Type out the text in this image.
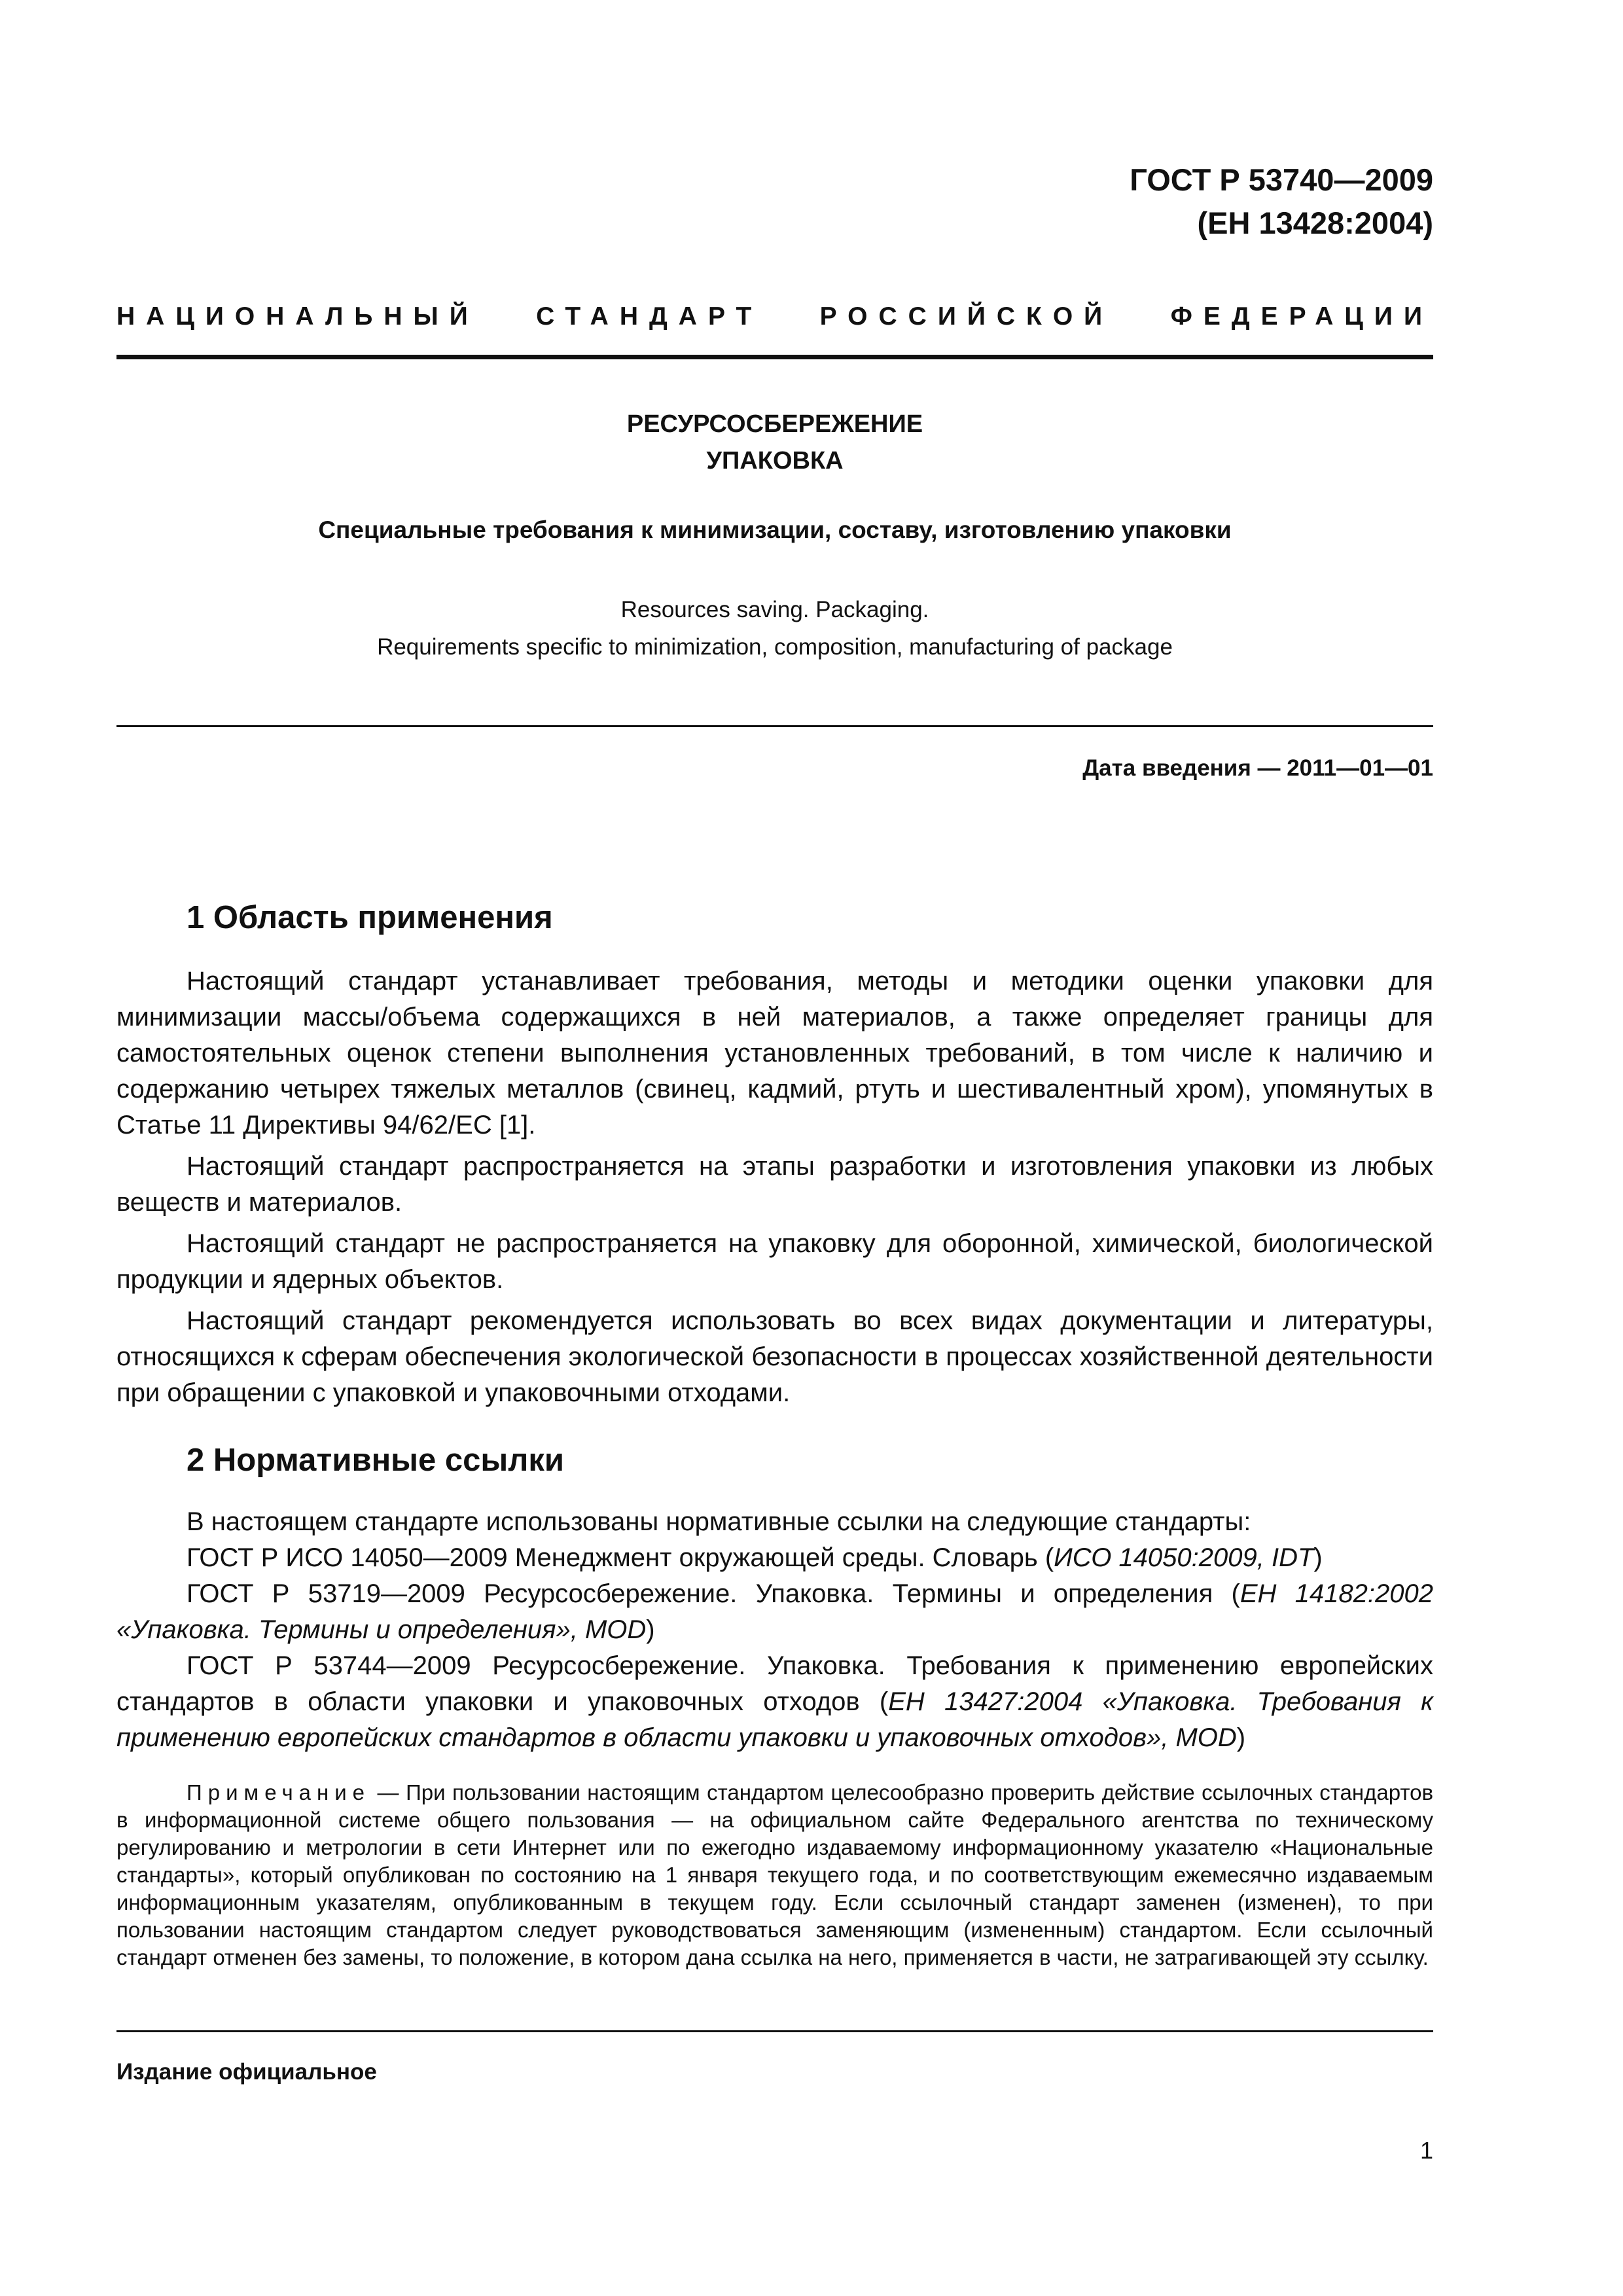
ГОСТ Р 53740—2009
(ЕН 13428:2004)
НАЦИОНАЛЬНЫЙ СТАНДАРТ РОССИЙСКОЙ ФЕДЕРАЦИИ
РЕСУРСОСБЕРЕЖЕНИЕ
УПАКОВКА
Специальные требования к минимизации, составу, изготовлению упаковки
Resources saving. Packaging.
Requirements specific to minimization, composition, manufacturing of package
Дата введения — 2011—01—01
1 Область применения

Настоящий стандарт устанавливает требования, методы и методики оценки упаковки для минимизации массы/объема содержащихся в ней материалов, а также определяет границы для самостоятельных оценок степени выполнения установленных требований, в том числе к наличию и содержанию четырех тяжелых металлов (свинец, кадмий, ртуть и шестивалентный хром), упомянутых в Статье 11 Директивы 94/62/ЕС [1].

Настоящий стандарт распространяется на этапы разработки и изготовления упаковки из любых веществ и материалов.

Настоящий стандарт не распространяется на упаковку для оборонной, химической, биологической продукции и ядерных объектов.

Настоящий стандарт рекомендуется использовать во всех видах документации и литературы, относящихся к сферам обеспечения экологической безопасности в процессах хозяйственной деятельности при обращении с упаковкой и упаковочными отходами.

2 Нормативные ссылки

В настоящем стандарте использованы нормативные ссылки на следующие стандарты:

ГОСТ Р ИСО 14050—2009 Менеджмент окружающей среды. Словарь (ИСО 14050:2009, IDT)

ГОСТ Р 53719—2009 Ресурсосбережение. Упаковка. Термины и определения (ЕН 14182:2002 «Упаковка. Термины и определения», MOD)

ГОСТ Р 53744—2009 Ресурсосбережение. Упаковка. Требования к применению европейских стандартов в области упаковки и упаковочных отходов (ЕН 13427:2004 «Упаковка. Требования к применению европейских стандартов в области упаковки и упаковочных отходов», MOD)

Примечание — При пользовании настоящим стандартом целесообразно проверить действие ссылочных стандартов в информационной системе общего пользования — на официальном сайте Федерального агентства по техническому регулированию и метрологии в сети Интернет или по ежегодно издаваемому информационному указателю «Национальные стандарты», который опубликован по состоянию на 1 января текущего года, и по соответствующим ежемесячно издаваемым информационным указателям, опубликованным в текущем году. Если ссылочный стандарт заменен (изменен), то при пользовании настоящим стандартом следует руководствоваться заменяющим (измененным) стандартом. Если ссылочный стандарт отменен без замены, то положение, в котором дана ссылка на него, применяется в части, не затрагивающей эту ссылку.

Издание официальное
1
